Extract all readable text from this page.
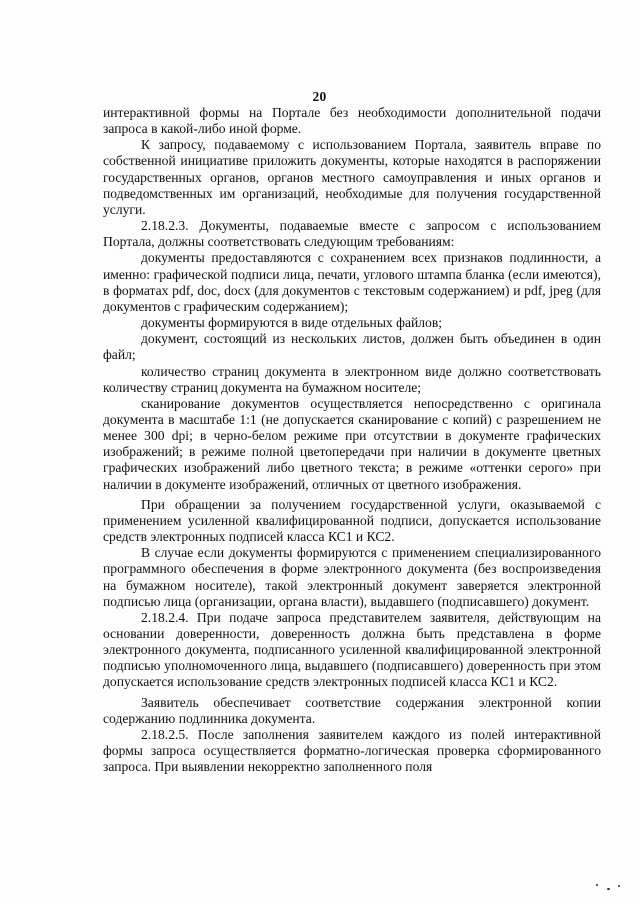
20

интерактивной формы на Портале без необходимости дополнительной подачи запроса в какой-либо иной форме.

К запросу, подаваемому с использованием Портала, заявитель вправе по собственной инициативе приложить документы, которые находятся в распоряжении государственных органов, органов местного самоуправления и иных органов и подведомственных им организаций, необходимые для получения государственной услуги.

2.18.2.3. Документы, подаваемые вместе с запросом с использованием Портала, должны соответствовать следующим требованиям:

документы предоставляются с сохранением всех признаков подлинности, а именно: графической подписи лица, печати, углового штампа бланка (если имеются), в форматах pdf, doc, docx (для документов с текстовым содержанием) и pdf, jpeg (для документов с графическим содержанием);

документы формируются в виде отдельных файлов;

документ, состоящий из нескольких листов, должен быть объединен в один файл;

количество страниц документа в электронном виде должно соответствовать количеству страниц документа на бумажном носителе;

сканирование документов осуществляется непосредственно с оригинала документа в масштабе 1:1 (не допускается сканирование с копий) с разрешением не менее 300 dpi; в черно-белом режиме при отсутствии в документе графических изображений; в режиме полной цветопередачи при наличии в документе цветных графических изображений либо цветного текста; в режиме «оттенки серого» при наличии в документе изображений, отличных от цветного изображения.

При обращении за получением государственной услуги, оказываемой с применением усиленной квалифицированной подписи, допускается использование средств электронных подписей класса КС1 и КС2.

В случае если документы формируются с применением специализированного программного обеспечения в форме электронного документа (без воспроизведения на бумажном носителе), такой электронный документ заверяется электронной подписью лица (организации, органа власти), выдавшего (подписавшего) документ.

2.18.2.4. При подаче запроса представителем заявителя, действующим на основании доверенности, доверенность должна быть представлена в форме электронного документа, подписанного усиленной квалифицированной электронной подписью уполномоченного лица, выдавшего (подписавшего) доверенность при этом допускается использование средств электронных подписей класса КС1 и КС2.

Заявитель обеспечивает соответствие содержания электронной копии содержанию подлинника документа.

2.18.2.5. После заполнения заявителем каждого из полей интерактивной формы запроса осуществляется форматно-логическая проверка сформированного запроса. При выявлении некорректно заполненного поля
